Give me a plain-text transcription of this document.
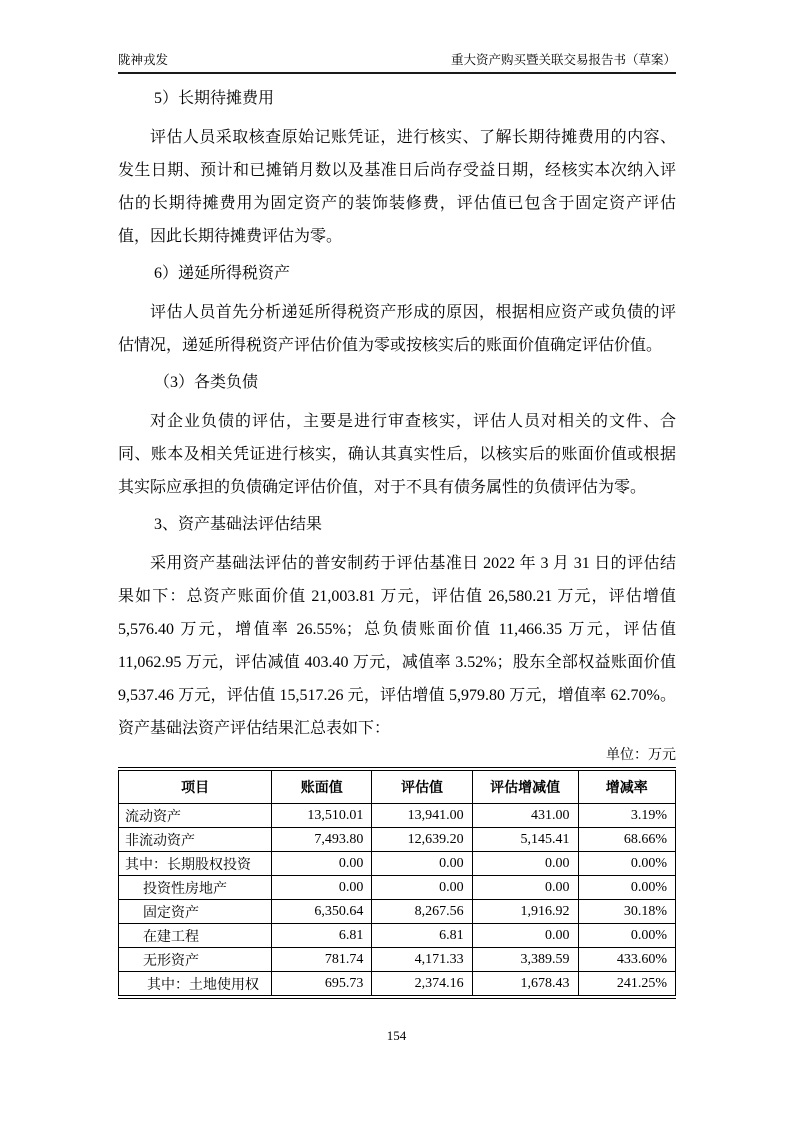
陇神戎发	重大资产购买暨关联交易报告书（草案）

5）长期待摊费用

评估人员采取核查原始记账凭证，进行核实、了解长期待摊费用的内容、发生日期、预计和已摊销月数以及基准日后尚存受益日期，经核实本次纳入评估的长期待摊费用为固定资产的装饰装修费，评估值已包含于固定资产评估值，因此长期待摊费评估为零。

6）递延所得税资产

评估人员首先分析递延所得税资产形成的原因，根据相应资产或负债的评估情况，递延所得税资产评估价值为零或按核实后的账面价值确定评估价值。

（3）各类负债

对企业负债的评估，主要是进行审查核实，评估人员对相关的文件、合同、账本及相关凭证进行核实，确认其真实性后，以核实后的账面价值或根据其实际应承担的负债确定评估价值，对于不具有债务属性的负债评估为零。

3、资产基础法评估结果

采用资产基础法评估的普安制药于评估基准日 2022 年 3 月 31 日的评估结果如下：总资产账面价值 21,003.81 万元，评估值 26,580.21 万元，评估增值 5,576.40 万元，增值率 26.55%；总负债账面价值 11,466.35 万元，评估值 11,062.95 万元，评估减值 403.40 万元，减值率 3.52%；股东全部权益账面价值 9,537.46 万元，评估值 15,517.26 元，评估增值 5,979.80 万元，增值率 62.70%。资产基础法资产评估结果汇总表如下：

单位：万元
项目	账面值	评估值	评估增减值	增减率
流动资产	13,510.01	13,941.00	431.00	3.19%
非流动资产	7,493.80	12,639.20	5,145.41	68.66%
其中：长期股权投资	0.00	0.00	0.00	0.00%
投资性房地产	0.00	0.00	0.00	0.00%
固定资产	6,350.64	8,267.56	1,916.92	30.18%
在建工程	6.81	6.81	0.00	0.00%
无形资产	781.74	4,171.33	3,389.59	433.60%
其中：土地使用权	695.73	2,374.16	1,678.43	241.25%
154
